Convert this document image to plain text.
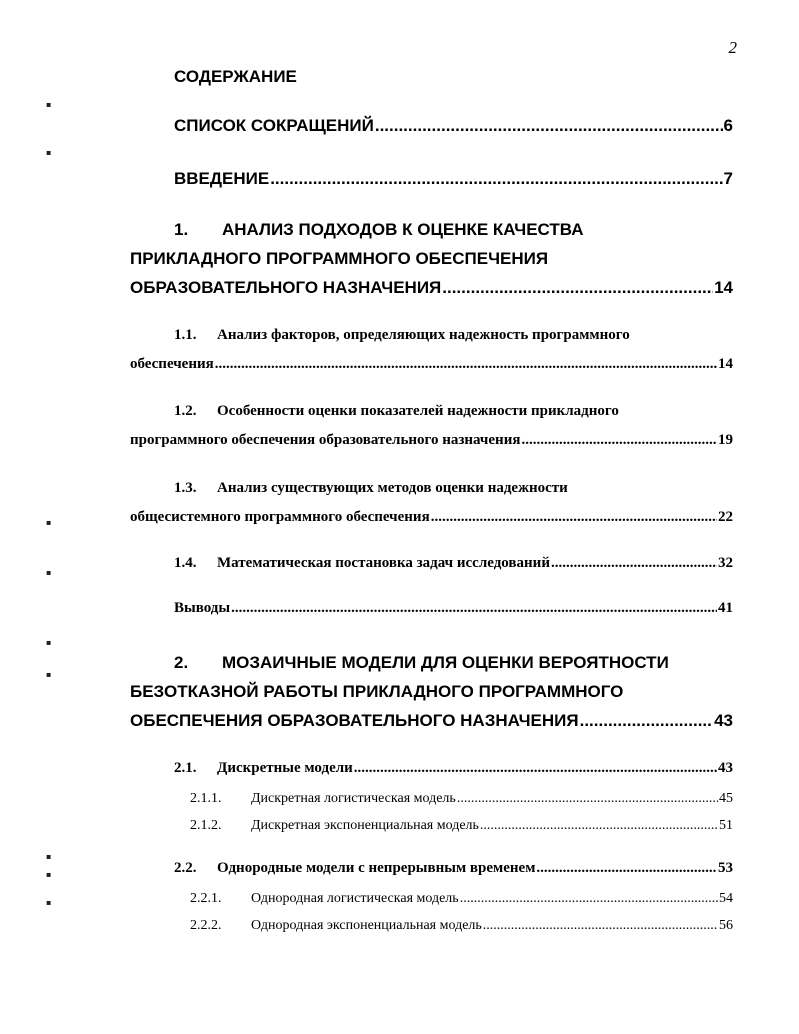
2
СОДЕРЖАНИЕ
СПИСОК СОКРАЩЕНИЙ .....	6
ВВЕДЕНИЕ .....	7
1. АНАЛИЗ ПОДХОДОВ К ОЦЕНКЕ КАЧЕСТВА
ПРИКЛАДНОГО ПРОГРАММНОГО ОБЕСПЕЧЕНИЯ
ОБРАЗОВАТЕЛЬНОГО НАЗНАЧЕНИЯ .....	14
1.1. Анализ факторов, определяющих надежность программного
обеспечения .....	14
1.2. Особенности оценки показателей надежности прикладного
программного обеспечения образовательного назначения .....	19
1.3. Анализ существующих методов оценки надежности
общесистемного программного обеспечения .....	22
1.4. Математическая постановка задач исследований .....	32
Выводы .....	41
2. МОЗАИЧНЫЕ МОДЕЛИ ДЛЯ ОЦЕНКИ ВЕРОЯТНОСТИ
БЕЗОТКАЗНОЙ РАБОТЫ ПРИКЛАДНОГО ПРОГРАММНОГО
ОБЕСПЕЧЕНИЯ ОБРАЗОВАТЕЛЬНОГО НАЗНАЧЕНИЯ .....	43
2.1. Дискретные модели .....	43
2.1.1. Дискретная логистическая модель .....	45
2.1.2. Дискретная экспоненциальная модель .....	51
2.2. Однородные модели с непрерывным временем .....	53
2.2.1. Однородная логистическая модель .....	54
2.2.2. Однородная экспоненциальная модель .....	56
▪
▪
▪
▪
▪
▪
▪
▪
▪
